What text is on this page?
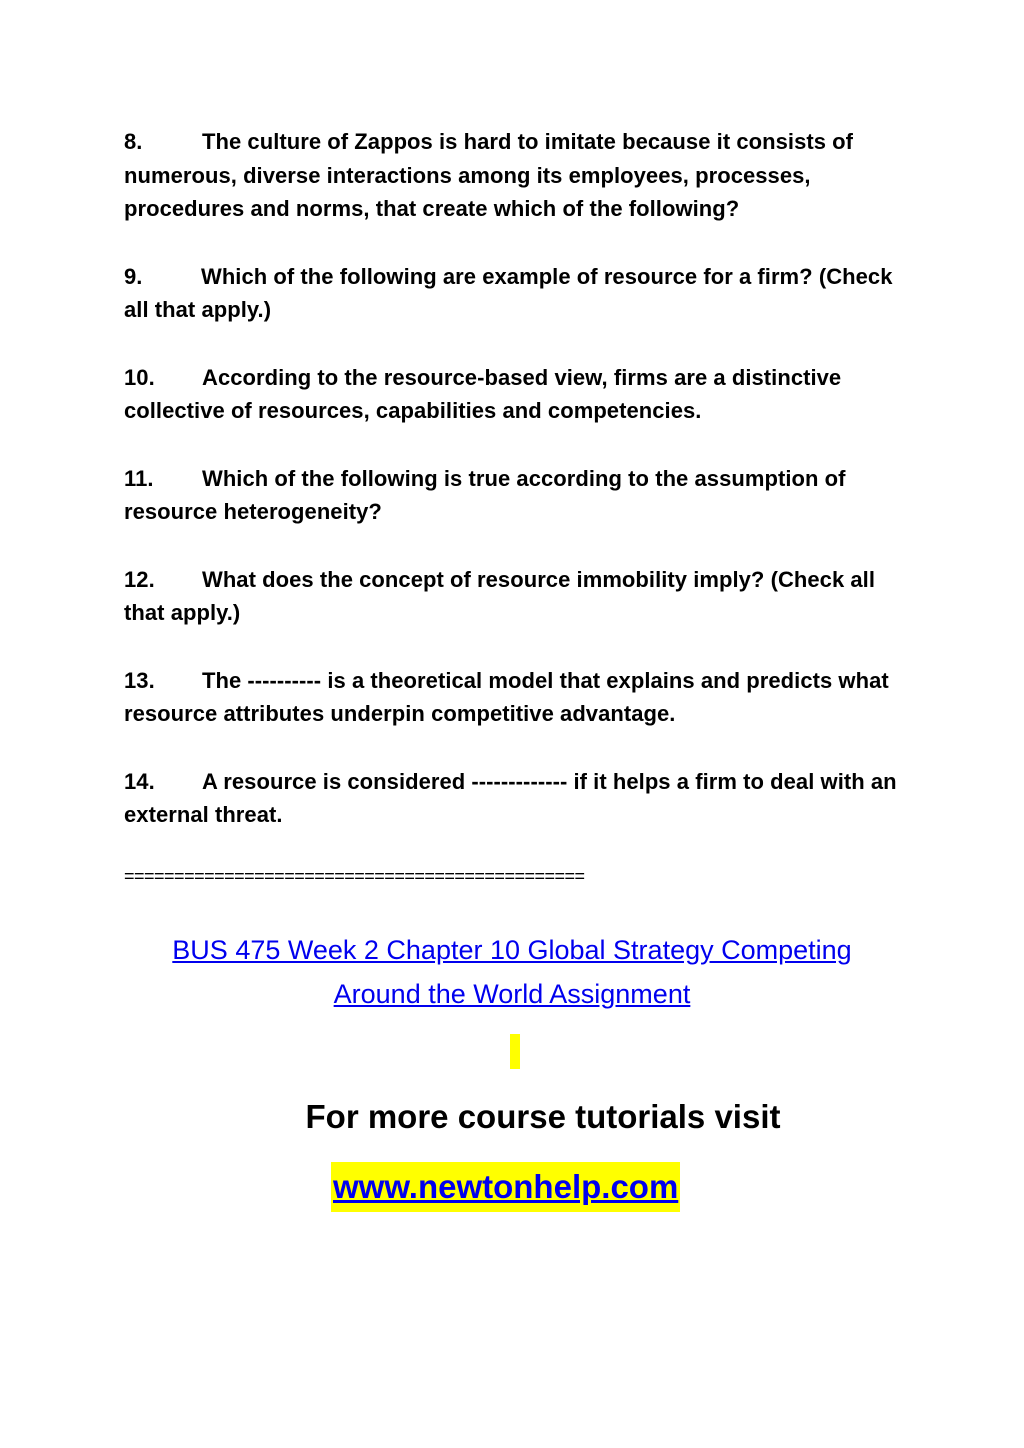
8.	The culture of Zappos is hard to imitate because it consists of numerous, diverse interactions among its employees, processes, procedures and norms, that create which of the following?

9.	Which of the following are example of resource for a firm? (Check all that apply.)

10. According to the resource-based view, firms are a distinctive collective of resources, capabilities and competencies.

11. Which of the following is true according to the assumption of resource heterogeneity?

12. What does the concept of resource immobility imply? (Check all that apply.)

13. The ---------- is a theoretical model that explains and predicts what resource attributes underpin competitive advantage.

14. A resource is considered ------------- if it helps a firm to deal with an external threat.

==============================================
BUS 475 Week 2 Chapter 10 Global Strategy Competing
Around the World Assignment
For more course tutorials visit
www.newtonhelp.com
